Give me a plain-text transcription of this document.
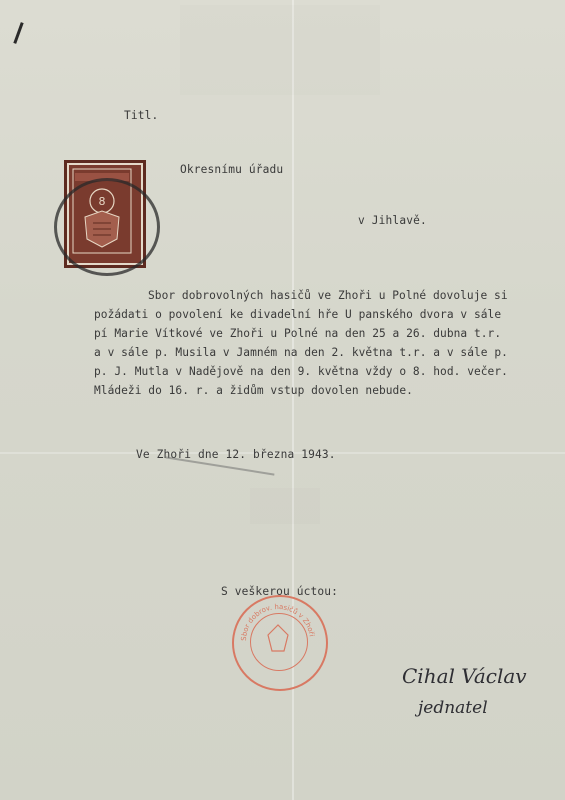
Titl.
8
Okresnímu úřadu
v Jihlavě.
Sbor dobrovolných hasičů ve Zhoři u Polné dovoluje si
požádati o povolení ke divadelní hře U panského dvora v sále
pí Marie Vítkové ve Zhoři u Polné na den 25 a 26. dubna t.r.
a v sále p. Musila v Jamném na den 2. května t.r. a v sále p.
p. J. Mutla v Nadějově na den 9. května vždy o 8. hod. večer.
Mládeži do 16. r. a židům vstup dovolen nebude.
Ve Zhoři dne 12. března 1943.
S veškerou úctou:
Sbor dobrov. hasičů v Zhoři
Cihal Václav
jednatel
